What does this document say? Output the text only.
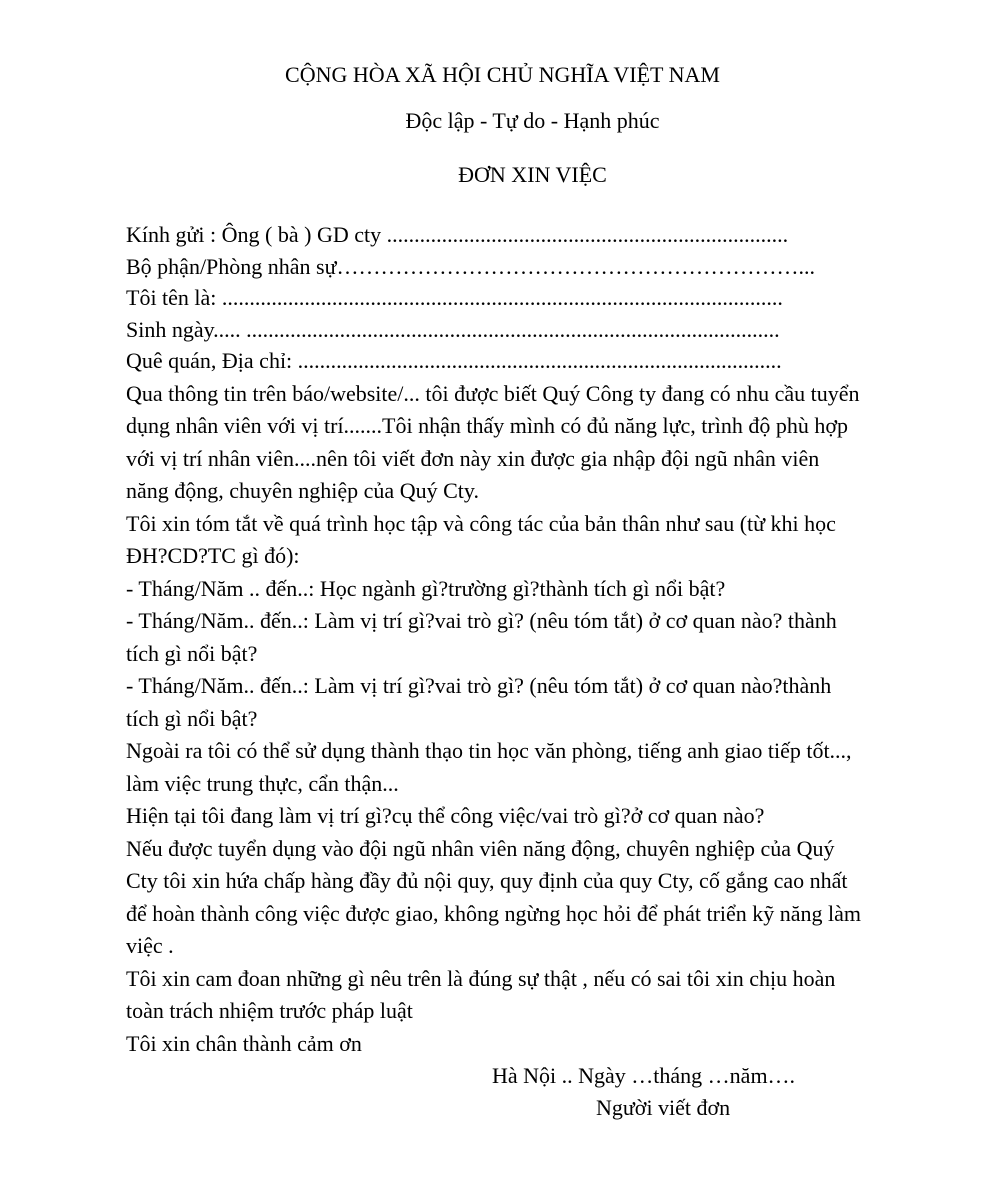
CỘNG HÒA XÃ HỘI CHỦ NGHĨA VIỆT NAM
Độc lập - Tự do - Hạnh phúc
ĐƠN XIN VIỆC
Kính gửi : Ông ( bà ) GD cty .........................................................................
Bộ phận/Phòng nhân sự………………………………………………………...
Tôi tên là: ......................................................................................................
Sinh ngày..... .................................................................................................
Quê quán, Địa chỉ: ........................................................................................
Qua thông tin trên báo/website/... tôi được biết Quý Công ty đang có nhu cầu tuyển
dụng nhân viên với vị trí.......Tôi nhận thấy mình có đủ năng lực, trình độ phù hợp
với vị trí nhân viên....nên tôi viết đơn này xin được gia nhập đội ngũ nhân viên
năng động, chuyên nghiệp của Quý Cty.
Tôi xin tóm tắt về quá trình học tập và công tác của bản thân như sau (từ khi học
ĐH?CD?TC gì đó):
- Tháng/Năm .. đến..: Học ngành gì?trường gì?thành tích gì nổi bật?
- Tháng/Năm.. đến..: Làm vị trí gì?vai trò gì? (nêu tóm tắt) ở cơ quan nào? thành
tích gì nổi bật?
- Tháng/Năm.. đến..: Làm vị trí gì?vai trò gì? (nêu tóm tắt) ở cơ quan nào?thành
tích gì nổi bật?
Ngoài ra tôi có thể sử dụng thành thạo tin học văn phòng, tiếng anh giao tiếp tốt...,
làm việc trung thực, cẩn thận...
Hiện tại tôi đang làm vị trí gì?cụ thể công việc/vai trò gì?ở cơ quan nào?
Nếu được tuyển dụng vào đội ngũ nhân viên năng động, chuyên nghiệp của Quý
Cty tôi xin hứa chấp hàng đầy đủ nội quy, quy định của quy Cty, cố gắng cao nhất
để hoàn thành công việc được giao, không ngừng học hỏi để phát triển kỹ năng làm
việc .
Tôi xin cam đoan những gì nêu trên là đúng sự thật , nếu có sai tôi xin chịu hoàn
toàn trách nhiệm trước pháp luật
Tôi xin chân thành cảm ơn
Hà Nội .. Ngày …tháng …năm….
Người viết đơn
